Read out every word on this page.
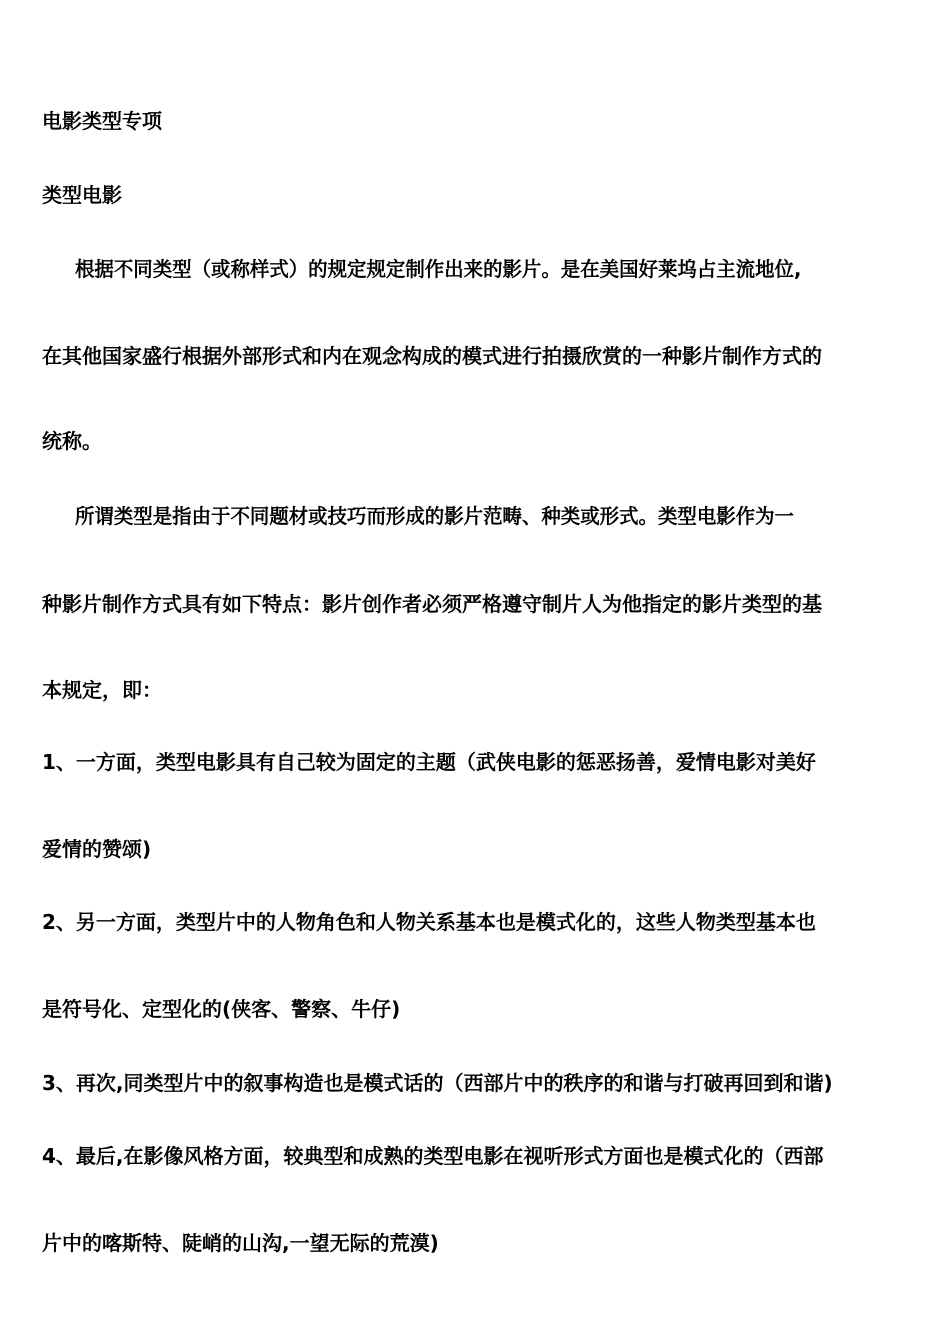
电影类型专项
类型电影
根据不同类型（或称样式）的规定规定制作出来的影片。是在美国好莱坞占主流地位,
在其他国家盛行根据外部形式和内在观念构成的模式进行拍摄欣赏的一种影片制作方式的
统称。
所谓类型是指由于不同题材或技巧而形成的影片范畴、种类或形式。类型电影作为一
种影片制作方式具有如下特点：影片创作者必须严格遵守制片人为他指定的影片类型的基
本规定，即：
1、一方面，类型电影具有自己较为固定的主题（武侠电影的惩恶扬善，爱情电影对美好
爱情的赞颂)
2、另一方面，类型片中的人物角色和人物关系基本也是模式化的，这些人物类型基本也
是符号化、定型化的(侠客、警察、牛仔)
3、再次,同类型片中的叙事构造也是模式话的（西部片中的秩序的和谐与打破再回到和谐)
4、最后,在影像风格方面，较典型和成熟的类型电影在视听形式方面也是模式化的（西部
片中的喀斯特、陡峭的山沟,一望无际的荒漠)
